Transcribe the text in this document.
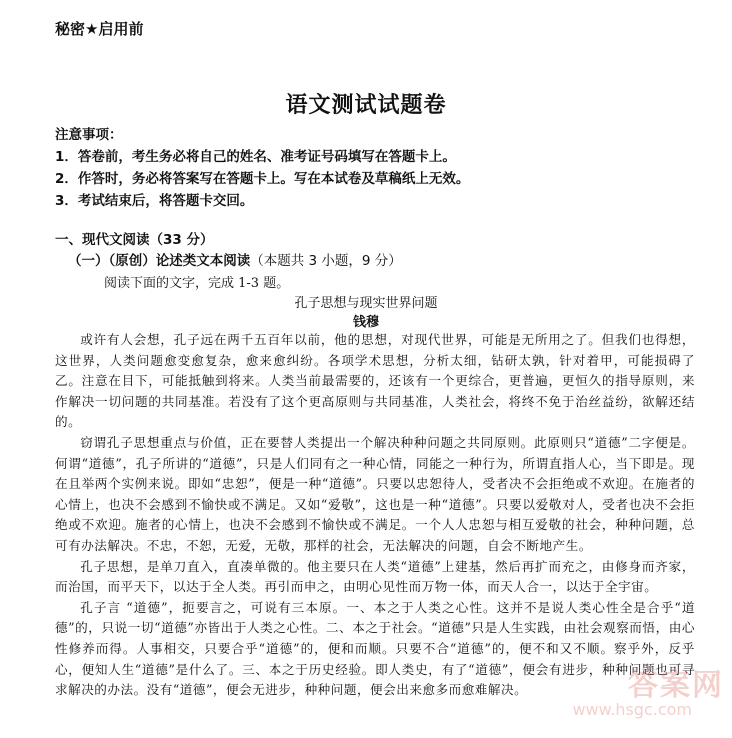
秘密★启用前
语文测试试题卷
注意事项：
1．答卷前，考生务必将自己的姓名、准考证号码填写在答题卡上。
2．作答时，务必将答案写在答题卡上。写在本试卷及草稿纸上无效。
3．考试结束后，将答题卡交回。
一、现代文阅读（33 分）
（一）（原创）论述类文本阅读（本题共 3 小题，9 分）
阅读下面的文字，完成 1-3 题。
孔子思想与现实世界问题
钱穆

或许有人会想，孔子远在两千五百年以前，他的思想，对现代世界，可能是无所用之了。但我们也得想，这世界，人类问题愈变愈复杂，愈来愈纠纷。各项学术思想，分析太细，钻研太孰，针对着甲，可能损碍了乙。注意在目下，可能抵触到将来。人类当前最需要的，还该有一个更综合，更普遍，更恒久的指导原则，来作解决一切问题的共同基准。若没有了这个更高原则与共同基准，人类社会，将终不免于治丝益纷，欲解还结的。

窃谓孔子思想重点与价值，正在要替人类提出一个解决种种问题之共同原则。此原则只“道德”二字便是。何谓“道德”，孔子所讲的“道德”，只是人们同有之一种心情，同能之一种行为，所谓直指人心，当下即是。现在且举两个实例来说。即如“忠恕”，便是一种“道德”。只要以忠恕待人，受者决不会拒绝或不欢迎。在施者的心情上，也决不会感到不愉快或不满足。又如“爱敬”，这也是一种“道德”。只要以爱敬对人，受者也决不会拒绝或不欢迎。施者的心情上，也决不会感到不愉快或不满足。一个人人忠恕与相互爱敬的社会，种种问题，总可有办法解决。不忠，不恕，无爱，无敬，那样的社会，无法解决的问题，自会不断地产生。

孔子思想，是单刀直入，直凑单微的。他主要只在人类“道德”上建基，然后再扩而充之，由修身而齐家，而治国，而平天下，以达于全人类。再引而申之，由明心见性而万物一体，而天人合一，以达于全宇宙。

孔子言 “道德”，扼要言之，可说有三本原。一、本之于人类之心性。这并不是说人类心性全是合乎“道德”的，只说一切“道德”亦皆出于人类之心性。二、本之于社会。“道德”只是人生实践，由社会观察而悟，由心性修养而得。人事相交，只要合乎“道德”的，便和而顺。只要不合“道德”的，便不和又不顺。察乎外，反乎心，便知人生“道德”是什么了。三、本之于历史经验。即人类史，有了“道德”，便会有进步，种种问题也可寻求解决的办法。没有“道德”，便会无进步，种种问题，便会出来愈多而愈难解决。	答案网
www.hsgc.com
